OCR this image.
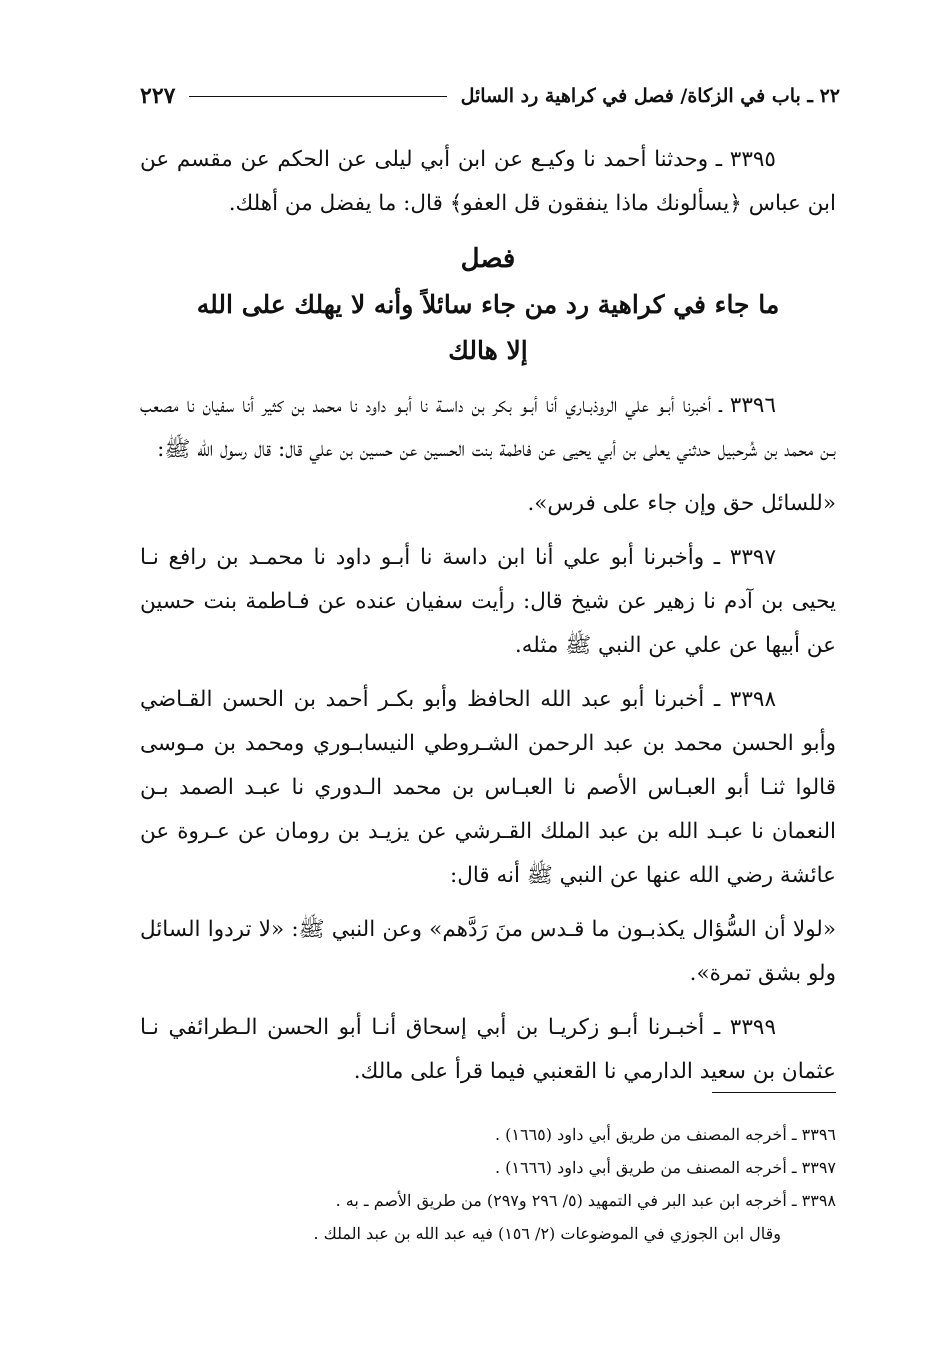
٢٢ ـ باب في الزكاة/ فصل في كراهية رد السائل
٢٢٧

٣٣٩٥ ـ وحدثنا أحمد نا وكيـع عن ابن أبي ليلى عن الحكم عن مقسم عن ابن عباس ﴿يسألونك ماذا ينفقون قل العفو﴾ قال: ما يفضل من أهلك.

فصل
ما جاء في كراهية رد من جاء سائلاً وأنه لا يهلك على الله
إلا هالك

٣٣٩٦ ـ أخبرنا أبـو علي الروذبـاري أنا أبـو بكر بن داسـة نا أبـو داود نا محمد بن كثير أنا سفيان نا مصعب بـن محمد بن شُرحبيل حدثني يعلى بن أبي يحيى عن فاطمة بنت الحسين عن حسين بن علي قال: قال رسول الله ﷺ:

«للسائل حق وإن جاء على فرس».

٣٣٩٧ ـ وأخبرنا أبو علي أنا ابن داسة نا أبـو داود نا محمـد بن رافع نـا يحيى بن آدم نا زهير عن شيخ قال: رأيت سفيان عنده عن فـاطمة بنت حسين عن أبيها عن علي عن النبي ﷺ مثله.

٣٣٩٨ ـ أخبرنا أبو عبد الله الحافظ وأبو بكـر أحمد بن الحسن القـاضي وأبو الحسن محمد بن عبد الرحمن الشـروطي النيسابـوري ومحمد بن مـوسى قالوا ثنـا أبو العبـاس الأصم نا العبـاس بن محمد الـدوري نا عبـد الصمد بـن النعمان نا عبـد الله بن عبد الملك القـرشي عن يزيـد بن رومان عن عـروة عن عائشة رضي الله عنها عن النبي ﷺ أنه قال:

«لولا أن السُّؤال يكذبـون ما قـدس منَ رَدَّهم» وعن النبي ﷺ: «لا تردوا السائل ولو بشق تمرة».

٣٣٩٩ ـ أخبـرنا أبـو زكريـا بن أبي إسحاق أنـا أبو الحسن الـطرائفي نـا عثمان بن سعيد الدارمي نا القعنبي فيما قرأ على مالك.

٣٣٩٦ ـ أخرجه المصنف من طريق أبي داود (١٦٦٥) .
٣٣٩٧ ـ أخرجه المصنف من طريق أبي داود (١٦٦٦) .
٣٣٩٨ ـ أخرجه ابن عبد البر في التمهيد (٥/ ٢٩٦ و٢٩٧) من طريق الأصم ـ به .
وقال ابن الجوزي في الموضوعات (٢/ ١٥٦) فيه عبد الله بن عبد الملك .
